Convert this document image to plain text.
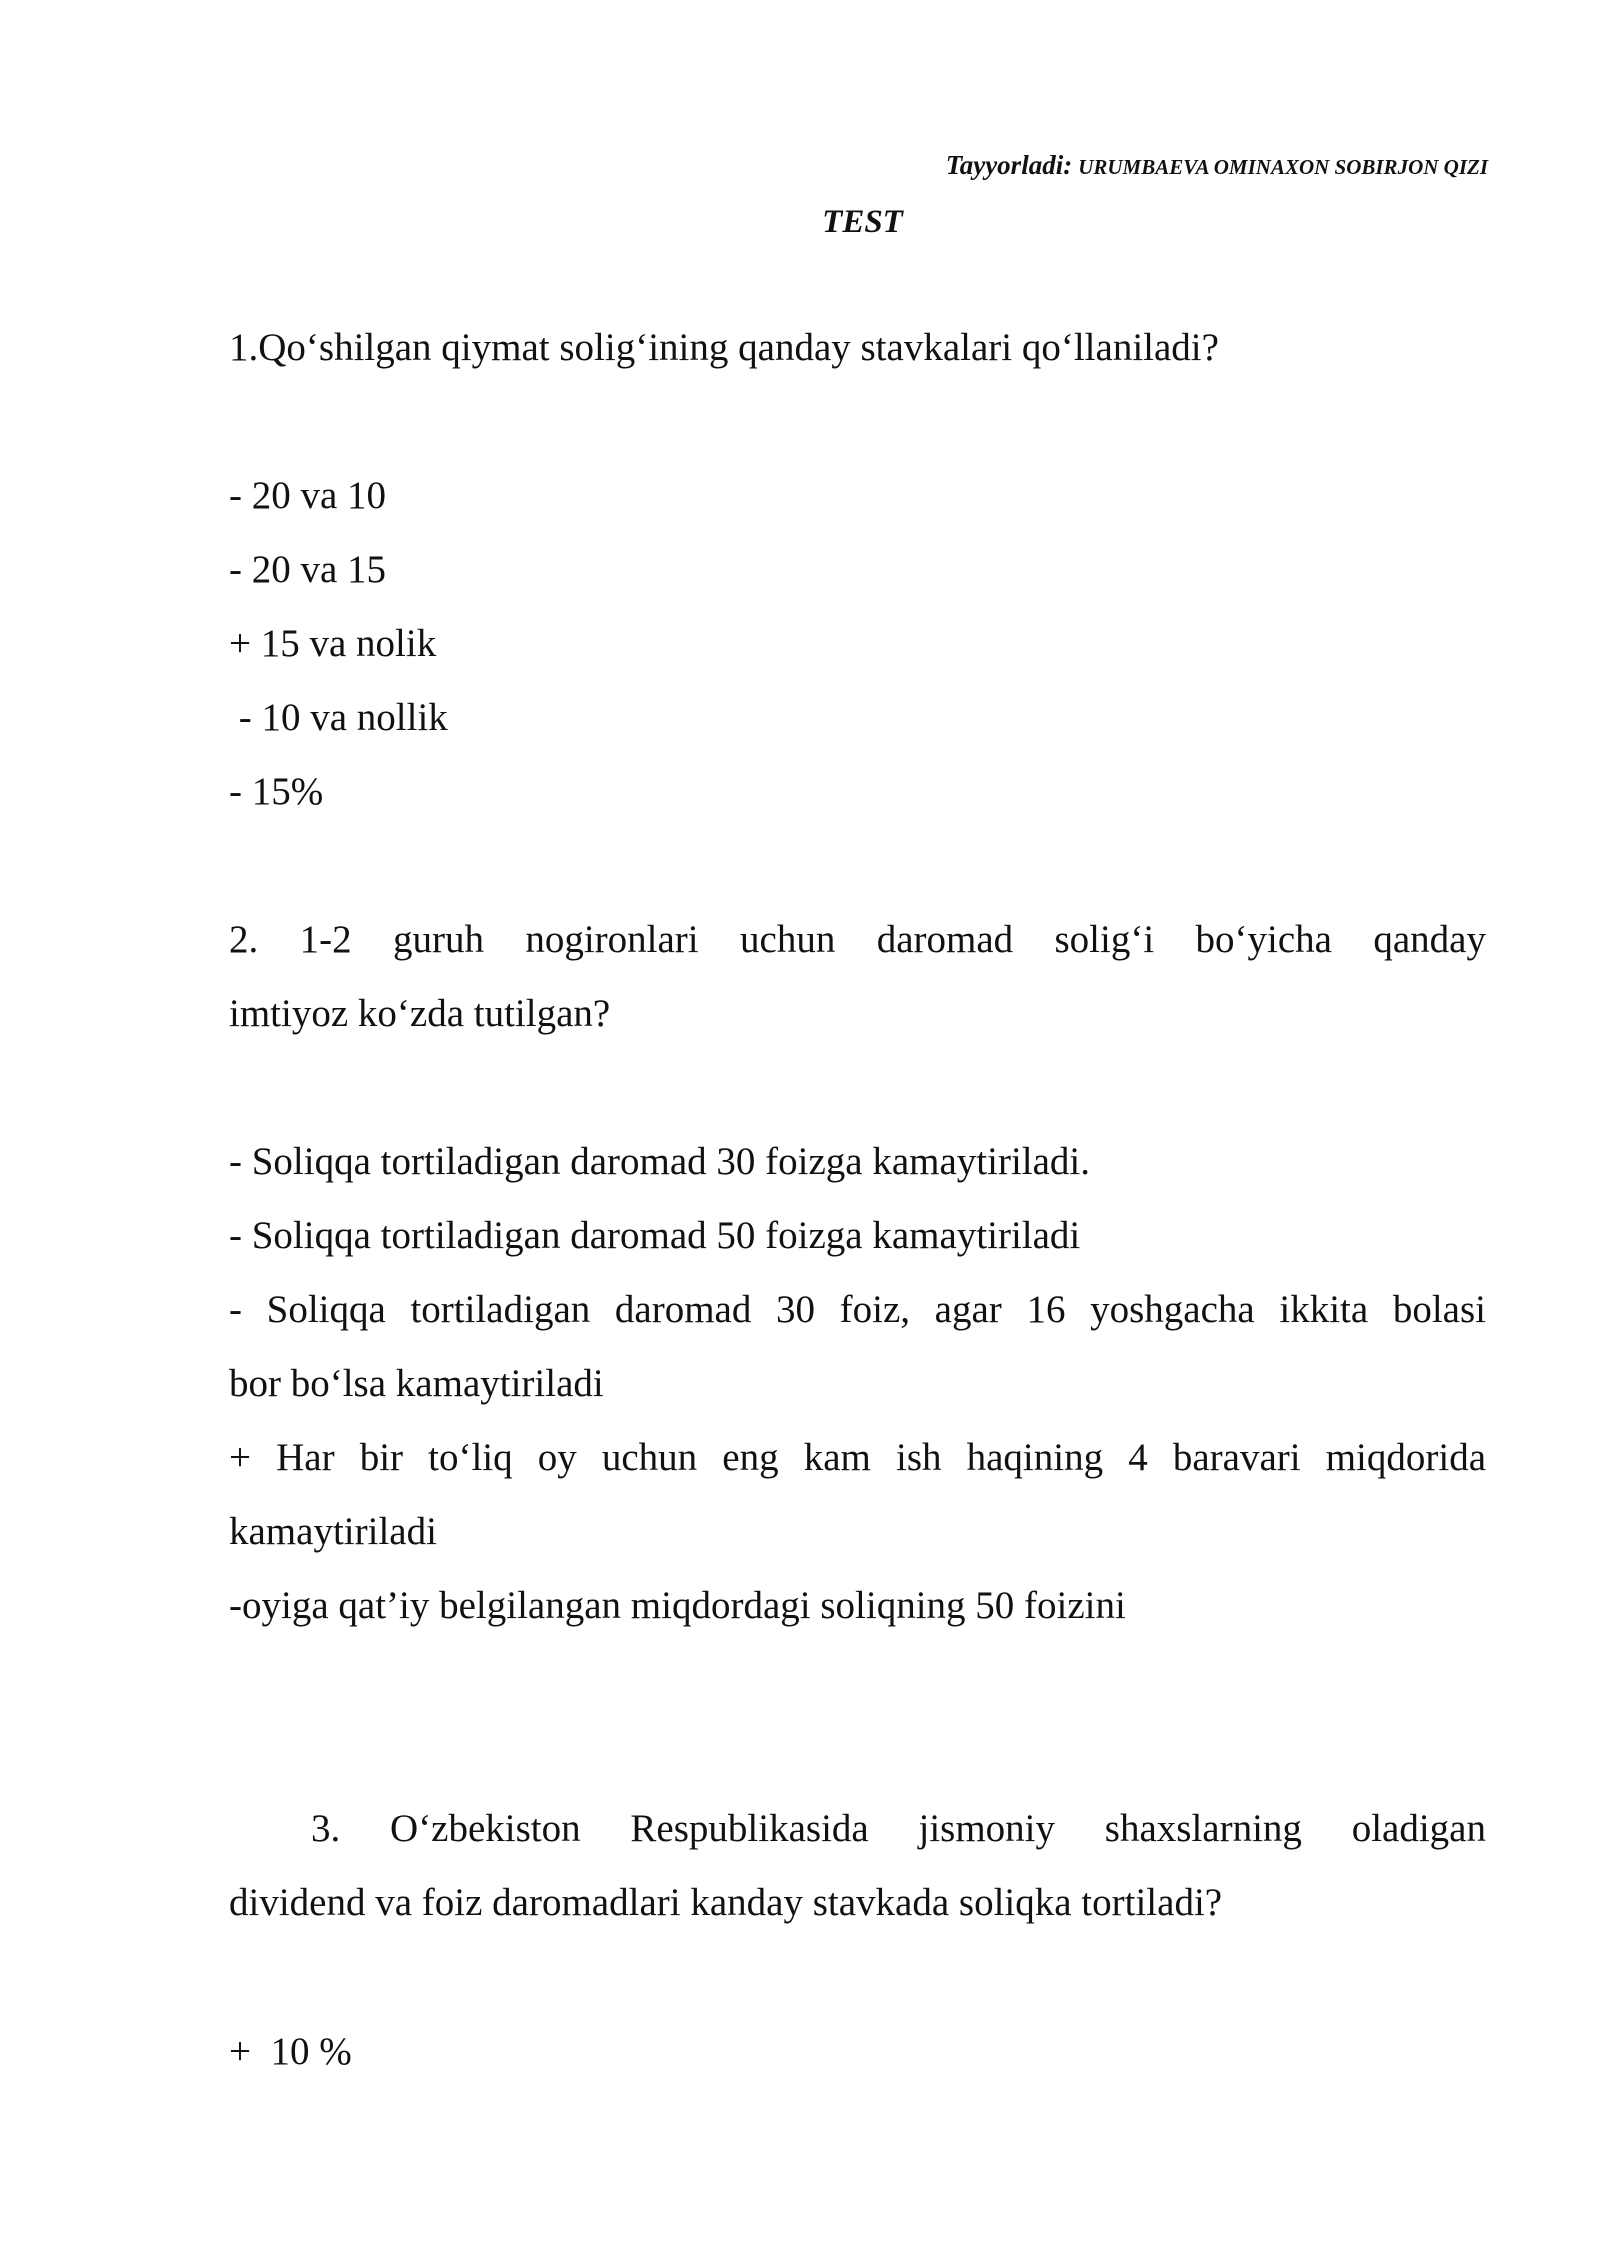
Tayyorladi: URUMBAEVA OMINAXON SOBIRJON QIZI
TEST
1.Qo‘shilgan qiymat solig‘ining qanday stavkalari qo‘llaniladi?
- 20 va 10
- 20 va 15
+ 15 va nolik
- 10 va nollik
- 15%
2. 1-2 guruh nogironlari uchun daromad solig‘i bo‘yicha qanday
imtiyoz ko‘zda tutilgan?
- Soliqqa tortiladigan daromad 30 foizga kamaytiriladi.
- Soliqqa tortiladigan daromad 50 foizga kamaytiriladi
- Soliqqa tortiladigan daromad 30 foiz, agar 16 yoshgacha ikkita bolasi
bor bo‘lsa kamaytiriladi
+ Har bir to‘liq oy uchun eng kam ish haqining 4 baravari miqdorida
kamaytiriladi
-oyiga qat’iy belgilangan miqdordagi soliqning 50 foizini
3. O‘zbekiston Respublikasida jismoniy shaxslarning oladigan
dividend va foiz daromadlari kanday stavkada soliqka tortiladi?
+  10 %
